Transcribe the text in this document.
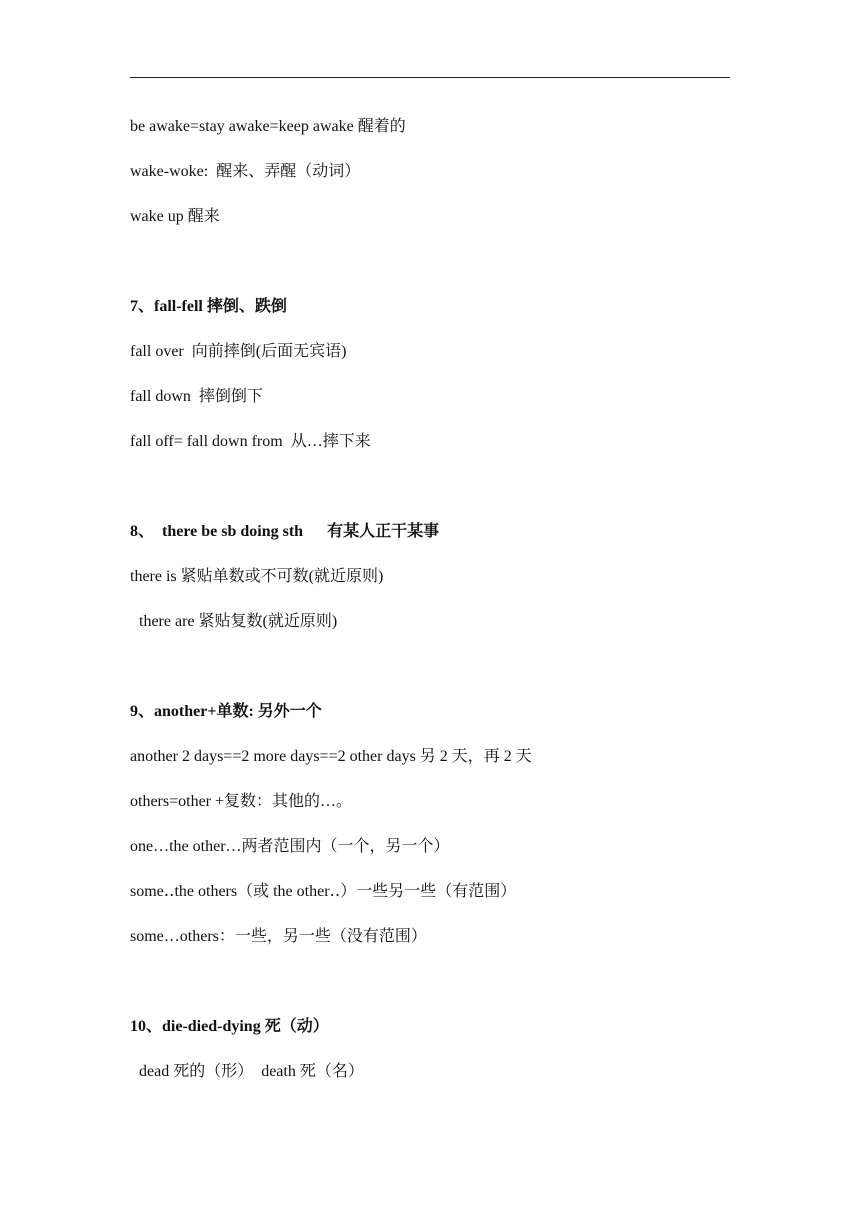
be awake=stay awake=keep awake 醒着的
wake-woke:  醒来、弄醒（动词）
wake up 醒来
7、fall-fell 摔倒、跌倒
fall over  向前摔倒(后面无宾语)
fall down  摔倒倒下
fall off= fall down from  从…摔下来
8、  there be sb doing sth      有某人正干某事
there is 紧贴单数或不可数(就近原则)
there are 紧贴复数(就近原则)
9、another+单数: 另外一个
another 2 days==2 more days==2 other days 另 2 天，再 2 天
others=other +复数：其他的…。
one…the other…两者范围内（一个，另一个）
some‥the others（或 the other‥）一些另一些（有范围）
some…others：一些，另一些（没有范围）
10、die-died-dying 死（动）
dead 死的（形）  death 死（名）
